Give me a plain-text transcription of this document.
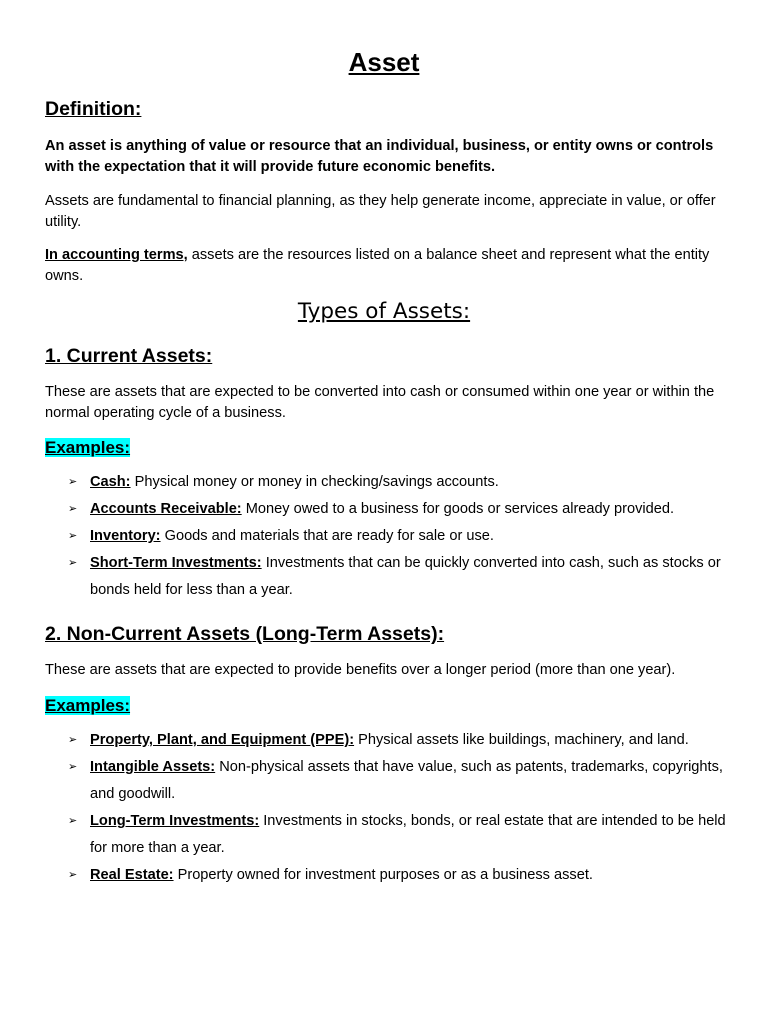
Asset
Definition:
An asset is anything of value or resource that an individual, business, or entity owns or controls with the expectation that it will provide future economic benefits.
Assets are fundamental to financial planning, as they help generate income, appreciate in value, or offer utility.
In accounting terms, assets are the resources listed on a balance sheet and represent what the entity owns.
Types of Assets:
1. Current Assets:
These are assets that are expected to be converted into cash or consumed within one year or within the normal operating cycle of a business.
Examples:
➢ Cash: Physical money or money in checking/savings accounts.
➢ Accounts Receivable: Money owed to a business for goods or services already provided.
➢ Inventory: Goods and materials that are ready for sale or use.
➢ Short-Term Investments: Investments that can be quickly converted into cash, such as stocks or bonds held for less than a year.
2. Non-Current Assets (Long-Term Assets):
These are assets that are expected to provide benefits over a longer period (more than one year).
Examples:
➢ Property, Plant, and Equipment (PPE): Physical assets like buildings, machinery, and land.
➢ Intangible Assets: Non-physical assets that have value, such as patents, trademarks, copyrights, and goodwill.
➢ Long-Term Investments: Investments in stocks, bonds, or real estate that are intended to be held for more than a year.
➢ Real Estate: Property owned for investment purposes or as a business asset.
